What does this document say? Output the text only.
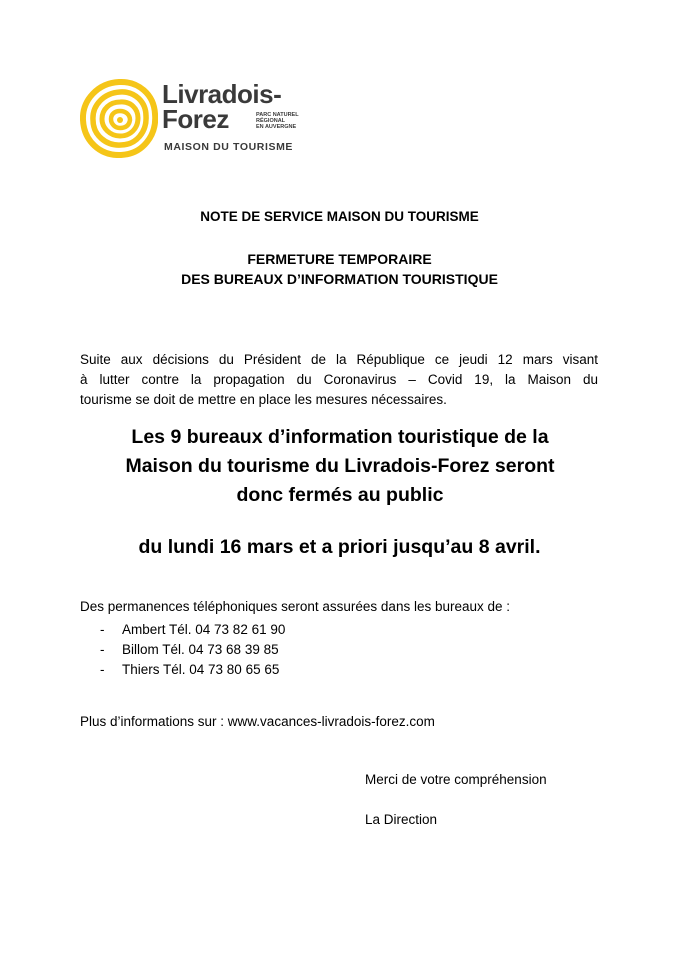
Livradois-
Forez	PARC NATUREL
RÉGIONAL
EN AUVERGNE
MAISON DU TOURISME
NOTE DE SERVICE MAISON DU TOURISME
FERMETURE TEMPORAIRE
DES BUREAUX D’INFORMATION TOURISTIQUE
Suite aux décisions du Président de la République ce jeudi 12 mars visant
à lutter contre la propagation du Coronavirus – Covid 19, la Maison du
tourisme se doit de mettre en place les mesures nécessaires.
Les 9 bureaux d’information touristique de la
Maison du tourisme du Livradois-Forez seront
donc fermés au public
du lundi 16 mars et a priori jusqu’au 8 avril.
Des permanences téléphoniques seront assurées dans les bureaux de :
- Ambert Tél. 04 73 82 61 90
- Billom Tél. 04 73 68 39 85
- Thiers Tél. 04 73 80 65 65
Plus d’informations sur : www.vacances-livradois-forez.com
Merci de votre compréhension
La Direction
